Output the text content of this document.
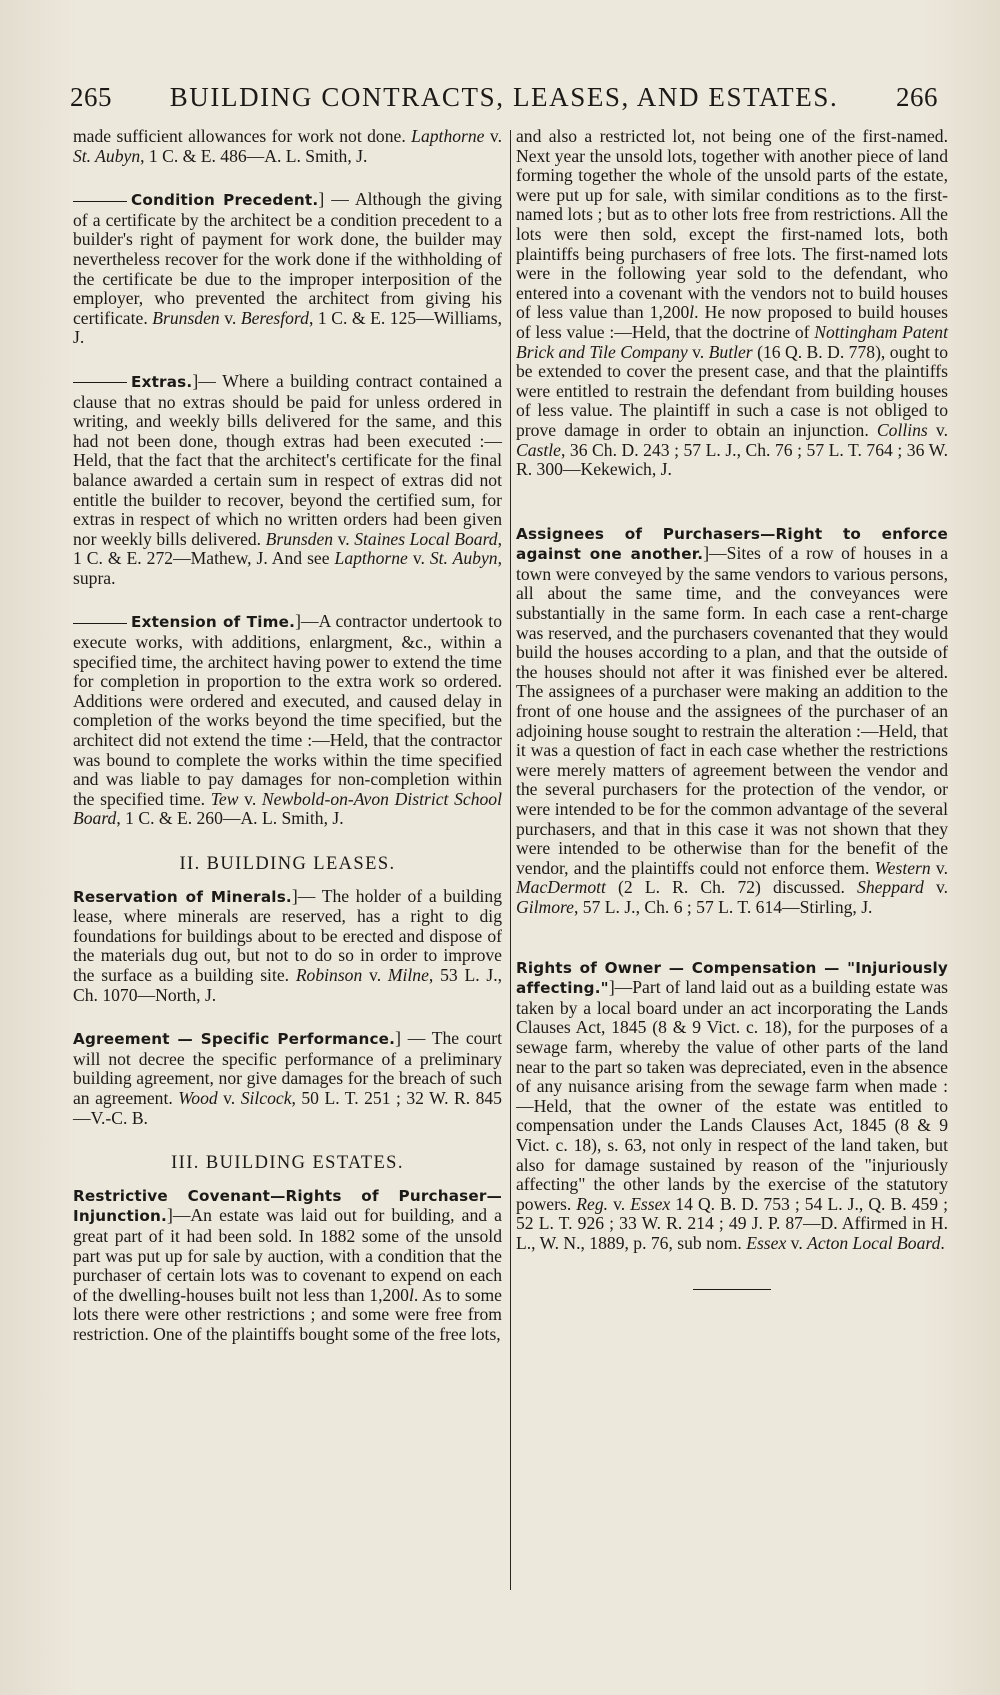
265 BUILDING CONTRACTS, LEASES, AND ESTATES. 266

made sufficient allowances for work not done. Lapthorne v. St. Aubyn, 1 C. & E. 486—A. L. Smith, J.

Condition Precedent.] — Although the giving of a certificate by the architect be a condition precedent to a builder's right of payment for work done, the builder may nevertheless recover for the work done if the withholding of the certificate be due to the improper interposition of the employer, who prevented the architect from giving his certificate. Brunsden v. Beresford, 1 C. & E. 125—Williams, J.

Extras.]— Where a building contract contained a clause that no extras should be paid for unless ordered in writing, and weekly bills delivered for the same, and this had not been done, though extras had been executed :—Held, that the fact that the architect's certificate for the final balance awarded a certain sum in respect of extras did not entitle the builder to recover, beyond the certified sum, for extras in respect of which no written orders had been given nor weekly bills delivered. Brunsden v. Staines Local Board, 1 C. & E. 272—Mathew, J. And see Lapthorne v. St. Aubyn, supra.

Extension of Time.]—A contractor undertook to execute works, with additions, enlargment, &c., within a specified time, the architect having power to extend the time for completion in proportion to the extra work so ordered. Additions were ordered and executed, and caused delay in completion of the works beyond the time specified, but the architect did not extend the time :—Held, that the contractor was bound to complete the works within the time specified and was liable to pay damages for non-completion within the specified time. Tew v. Newbold-on-Avon District School Board, 1 C. & E. 260—A. L. Smith, J.

II. BUILDING LEASES.

Reservation of Minerals.]— The holder of a building lease, where minerals are reserved, has a right to dig foundations for buildings about to be erected and dispose of the materials dug out, but not to do so in order to improve the surface as a building site. Robinson v. Milne, 53 L. J., Ch. 1070—North, J.

Agreement — Specific Performance.] — The court will not decree the specific performance of a preliminary building agreement, nor give damages for the breach of such an agreement. Wood v. Silcock, 50 L. T. 251 ; 32 W. R. 845—V.-C. B.

III. BUILDING ESTATES.

Restrictive Covenant—Rights of Purchaser—Injunction.]—An estate was laid out for building, and a great part of it had been sold. In 1882 some of the unsold part was put up for sale by auction, with a condition that the purchaser of certain lots was to covenant to expend on each of the dwelling-houses built not less than 1,200l. As to some lots there were other restrictions ; and some were free from restriction. One of the plaintiffs bought some of the free lots,

and also a restricted lot, not being one of the first-named. Next year the unsold lots, together with another piece of land forming together the whole of the unsold parts of the estate, were put up for sale, with similar conditions as to the first-named lots ; but as to other lots free from restrictions. All the lots were then sold, except the first-named lots, both plaintiffs being purchasers of free lots. The first-named lots were in the following year sold to the defendant, who entered into a covenant with the vendors not to build houses of less value than 1,200l. He now proposed to build houses of less value :—Held, that the doctrine of Nottingham Patent Brick and Tile Company v. Butler (16 Q. B. D. 778), ought to be extended to cover the present case, and that the plaintiffs were entitled to restrain the defendant from building houses of less value. The plaintiff in such a case is not obliged to prove damage in order to obtain an injunction. Collins v. Castle, 36 Ch. D. 243 ; 57 L. J., Ch. 76 ; 57 L. T. 764 ; 36 W. R. 300—Kekewich, J.

Assignees of Purchasers—Right to enforce against one another.]—Sites of a row of houses in a town were conveyed by the same vendors to various persons, all about the same time, and the conveyances were substantially in the same form. In each case a rent-charge was reserved, and the purchasers covenanted that they would build the houses according to a plan, and that the outside of the houses should not after it was finished ever be altered. The assignees of a purchaser were making an addition to the front of one house and the assignees of the purchaser of an adjoining house sought to restrain the alteration :—Held, that it was a question of fact in each case whether the restrictions were merely matters of agreement between the vendor and the several purchasers for the protection of the vendor, or were intended to be for the common advantage of the several purchasers, and that in this case it was not shown that they were intended to be otherwise than for the benefit of the vendor, and the plaintiffs could not enforce them. Western v. MacDermott (2 L. R. Ch. 72) discussed. Sheppard v. Gilmore, 57 L. J., Ch. 6 ; 57 L. T. 614—Stirling, J.

Rights of Owner — Compensation — "Injuriously affecting."]—Part of land laid out as a building estate was taken by a local board under an act incorporating the Lands Clauses Act, 1845 (8 & 9 Vict. c. 18), for the purposes of a sewage farm, whereby the value of other parts of the land near to the part so taken was depreciated, even in the absence of any nuisance arising from the sewage farm when made :—Held, that the owner of the estate was entitled to compensation under the Lands Clauses Act, 1845 (8 & 9 Vict. c. 18), s. 63, not only in respect of the land taken, but also for damage sustained by reason of the "injuriously affecting" the other lands by the exercise of the statutory powers. Reg. v. Essex 14 Q. B. D. 753 ; 54 L. J., Q. B. 459 ; 52 L. T. 926 ; 33 W. R. 214 ; 49 J. P. 87—D. Affirmed in H. L., W. N., 1889, p. 76, sub nom. Essex v. Acton Local Board.
